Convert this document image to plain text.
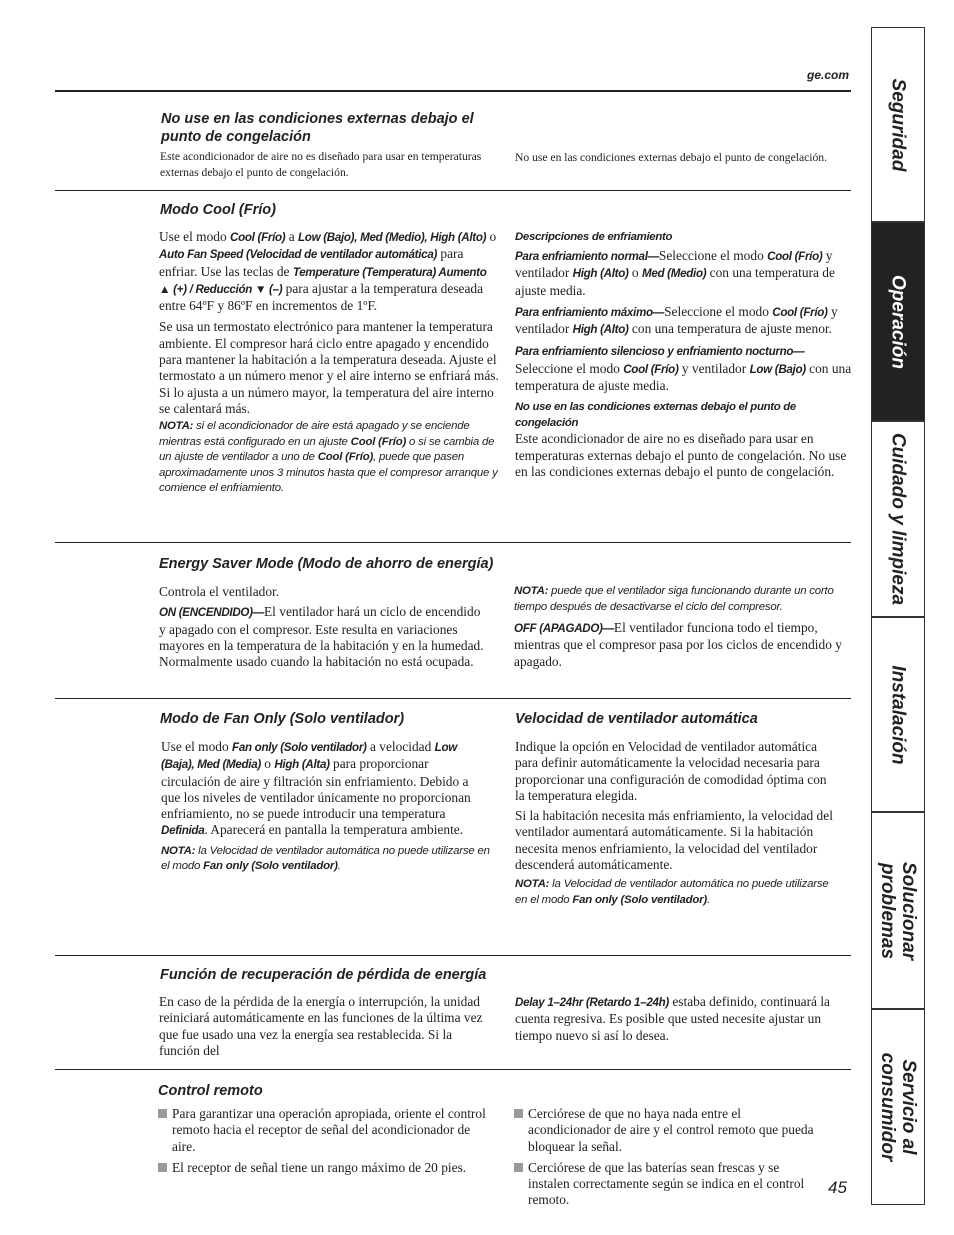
ge.com
Seguridad
Operación
Cuidado y limpieza
Instalación
Solucionar problemas
Servicio al consumidor
No use en las condiciones externas debajo el punto de congelación
Este acondicionador de aire no es diseñado para usar en temperaturas externas debajo el punto de congelación.
No use en las condiciones externas debajo el punto de congelación.
Modo Cool (Frío)

Use el modo Cool (Frío) a Low (Bajo), Med (Medio), High (Alto) o Auto Fan Speed (Velocidad de ventilador automática) para enfriar. Use las teclas de Temperature (Temperatura) Aumento ▲ (+) / Reducción ▼ (–) para ajustar a la temperatura deseada entre 64ºF y 86ºF en incrementos de 1ºF.

Se usa un termostato electrónico para mantener la temperatura ambiente. El compresor hará ciclo entre apagado y encendido para mantener la habitación a la temperatura deseada. Ajuste el termostato a un número menor y el aire interno se enfriará más. Si lo ajusta a un número mayor, la temperatura del aire interno se calentará más.

NOTA: si el acondicionador de aire está apagado y se enciende mientras está configurado en un ajuste Cool (Frío) o si se cambia de un ajuste de ventilador a uno de Cool (Frío), puede que pasen aproximadamente unos 3 minutos hasta que el compresor arranque y comience el enfriamiento.

Descripciones de enfriamiento

Para enfriamiento normal—Seleccione el modo Cool (Frío) y ventilador High (Alto) o Med (Medio) con una temperatura de ajuste media.

Para enfriamiento máximo—Seleccione el modo Cool (Frío) y ventilador High (Alto) con una temperatura de ajuste menor.

Para enfriamiento silencioso y enfriamiento nocturno—Seleccione el modo Cool (Frío) y ventilador Low (Bajo) con una temperatura de ajuste media.

No use en las condiciones externas debajo el punto de congelación

Este acondicionador de aire no es diseñado para usar en temperaturas externas debajo el punto de congelación. No use en las condiciones externas debajo el punto de congelación.

Energy Saver Mode (Modo de ahorro de energía)

Controla el ventilador.

ON (ENCENDIDO)—El ventilador hará un ciclo de encendido y apagado con el compresor. Este resulta en variaciones mayores en la temperatura de la habitación y en la humedad. Normalmente usado cuando la habitación no está ocupada.

NOTA: puede que el ventilador siga funcionando durante un corto tiempo después de desactivarse el ciclo del compresor.

OFF (APAGADO)—El ventilador funciona todo el tiempo, mientras que el compresor pasa por los ciclos de encendido y apagado.

Modo de Fan Only (Solo ventilador)

Use el modo Fan only (Solo ventilador) a velocidad Low (Baja), Med (Media) o High (Alta) para proporcionar circulación de aire y filtración sin enfriamiento. Debido a que los niveles de ventilador únicamente no proporcionan enfriamiento, no se puede introducir una temperatura Definida. Aparecerá en pantalla la temperatura ambiente.

NOTA: la Velocidad de ventilador automática no puede utilizarse en el modo Fan only (Solo ventilador).

Velocidad de ventilador automática

Indique la opción en Velocidad de ventilador automática para definir automáticamente la velocidad necesaria para proporcionar una configuración de comodidad óptima con la temperatura elegida.

Si la habitación necesita más enfriamiento, la velocidad del ventilador aumentará automáticamente. Si la habitación necesita menos enfriamiento, la velocidad del ventilador descenderá automáticamente.

NOTA: la Velocidad de ventilador automática no puede utilizarse en el modo Fan only (Solo ventilador).

Función de recuperación de pérdida de energía
En caso de la pérdida de la energía o interrupción, la unidad reiniciará automáticamente en las funciones de la última vez que fue usado una vez la energía sea restablecida. Si la función del
Delay 1–24hr (Retardo 1–24h) estaba definido, continuará la cuenta regresiva. Es posible que usted necesite ajustar un tiempo nuevo si así lo desea.
Control remoto
Para garantizar una operación apropiada, oriente el control remoto hacia el receptor de señal del acondicionador de aire.
El receptor de señal tiene un rango máximo de 20 pies.
Cerciórese de que no haya nada entre el acondicionador de aire y el control remoto que pueda bloquear la señal.
Cerciórese de que las baterías sean frescas y se instalen correctamente según se indica en el control remoto.
45
